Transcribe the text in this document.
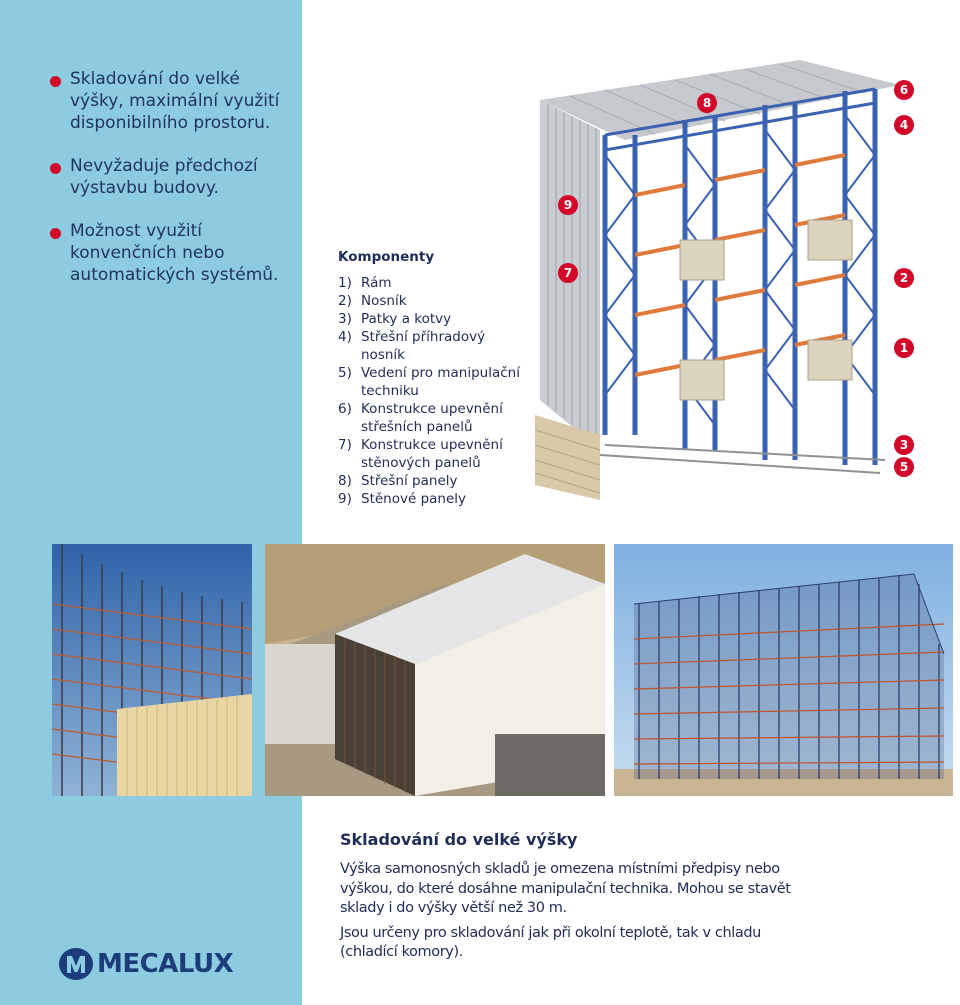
Skladování do velké výšky, maximální využití disponibilního prostoru.
Nevyžaduje předchozí výstavbu budovy.
Možnost využití konvenčních nebo automatických systémů.
MECALUX
Komponenty
1) Rám
2) Nosník
3) Patky a kotvy
4) Střešní příhradový nosník
5) Vedení pro manipulační techniku
6) Konstrukce upevnění střešních panelů
7) Konstrukce upevnění stěnových panelů
8) Střešní panely
9) Stěnové panely
8
6
4
9
7	2
1
3
5
Skladování do velké výšky

Výška samonosných skladů je omezena místními předpisy nebo výškou, do které dosáhne manipulační technika. Mohou se stavět sklady i do výšky větší než 30 m.

Jsou určeny pro skladování jak při okolní teplotě, tak v chladu (chladící komory).
